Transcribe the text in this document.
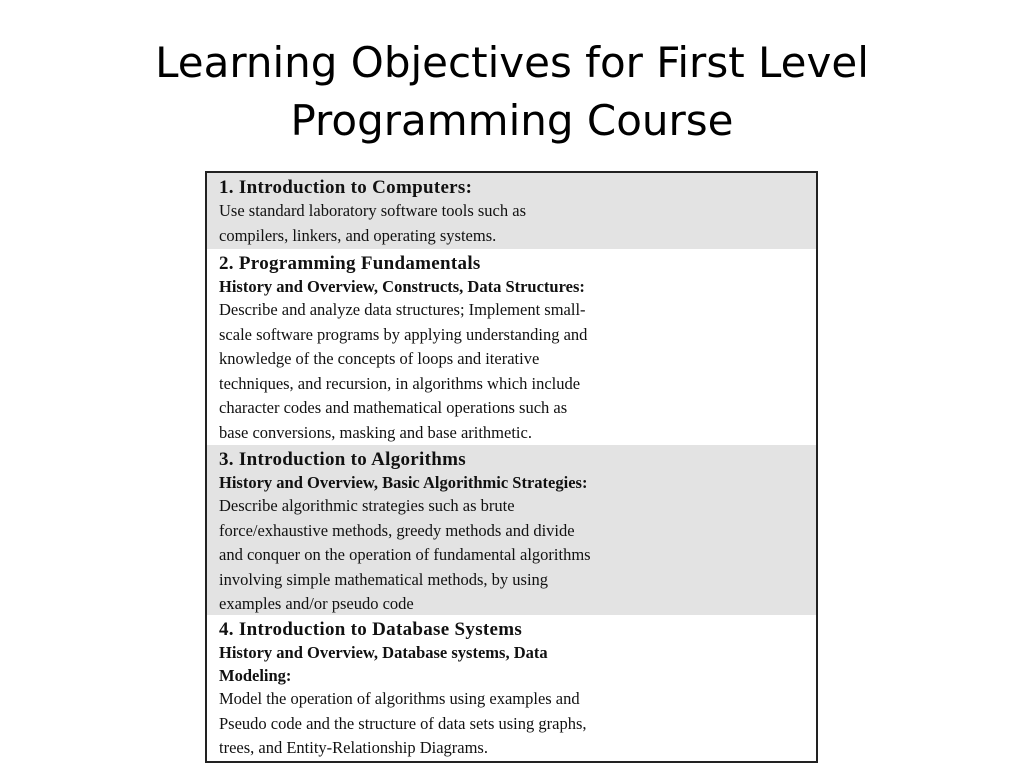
Learning Objectives for First Level
Programming Course
1. Introduction to Computers:
Use standard laboratory software tools such as
compilers, linkers, and operating systems.
2. Programming Fundamentals
History and Overview, Constructs, Data Structures:
Describe and analyze data structures; Implement small-
scale software programs by applying understanding and
knowledge of the concepts of loops and iterative
techniques, and recursion, in algorithms which include
character codes and mathematical operations such as
base conversions, masking and base arithmetic.
3. Introduction to Algorithms
History and Overview, Basic Algorithmic Strategies:
Describe algorithmic strategies such as brute
force/exhaustive methods, greedy methods and divide
and conquer on the operation of fundamental algorithms
involving simple mathematical methods, by using
examples and/or pseudo code
4. Introduction to Database Systems
History and Overview, Database systems, Data
Modeling:
Model the operation of algorithms using examples and
Pseudo code and the structure of data sets using graphs,
trees, and Entity-Relationship Diagrams.
